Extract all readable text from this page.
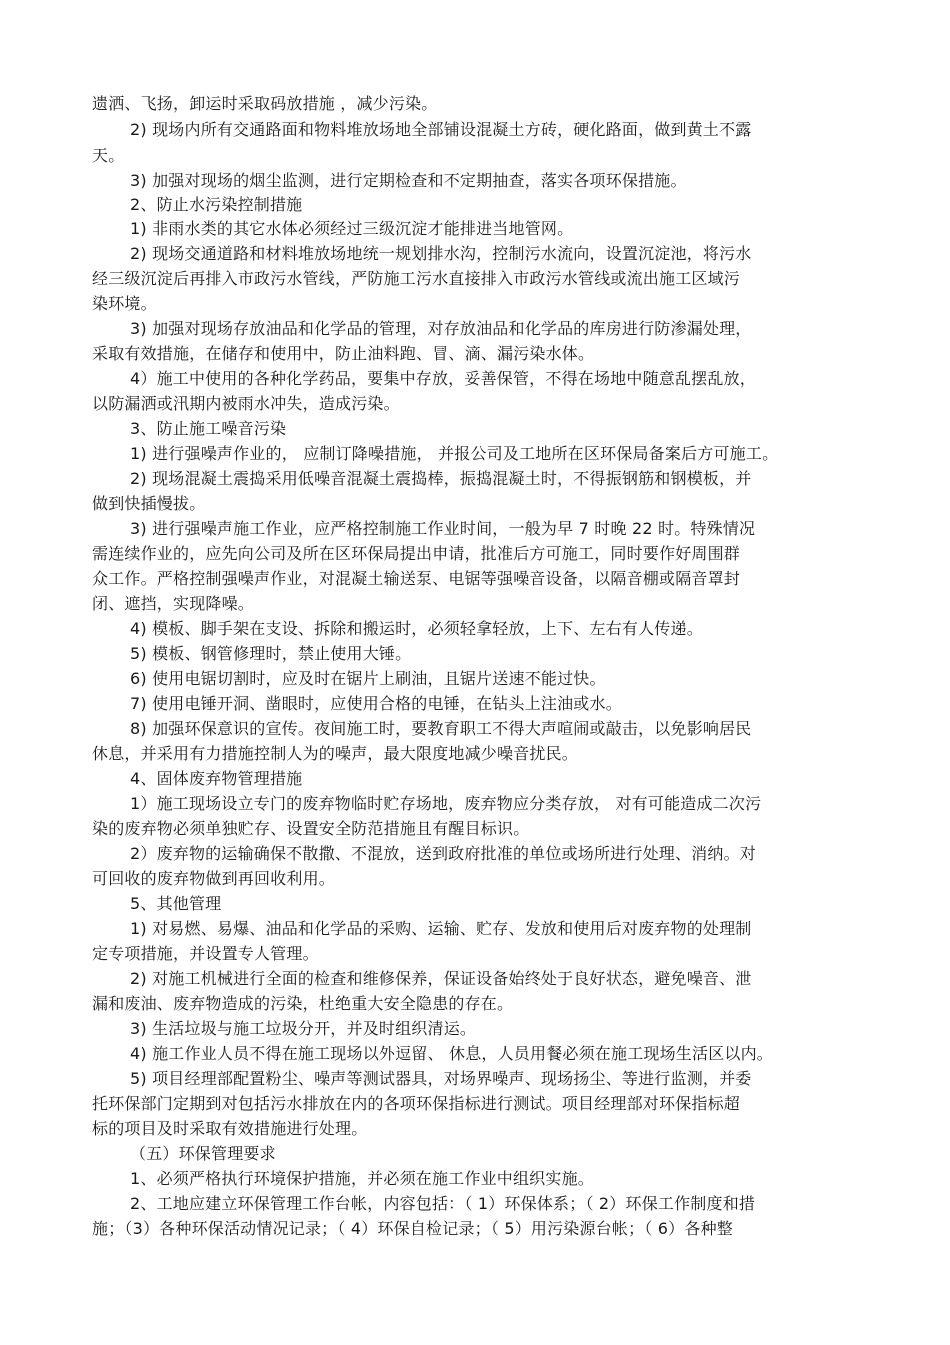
遗洒、飞扬，卸运时采取码放措施 ，减少污染。
2) 现场内所有交通路面和物料堆放场地全部铺设混凝土方砖，硬化路面，做到黄土不露
天。
3) 加强对现场的烟尘监测，进行定期检查和不定期抽查，落实各项环保措施。
2、防止水污染控制措施
1) 非雨水类的其它水体必须经过三级沉淀才能排进当地管网。
2) 现场交通道路和材料堆放场地统一规划排水沟，控制污水流向，设置沉淀池，将污水
经三级沉淀后再排入市政污水管线，严防施工污水直接排入市政污水管线或流出施工区域污
染环境。
3) 加强对现场存放油品和化学品的管理，对存放油品和化学品的库房进行防渗漏处理，
采取有效措施，在储存和使用中，防止油料跑、冒、滴、漏污染水体。
4）施工中使用的各种化学药品，要集中存放，妥善保管，不得在场地中随意乱摆乱放，
以防漏洒或汛期内被雨水冲失，造成污染。
3、防止施工噪音污染
1) 进行强噪声作业的， 应制订降噪措施， 并报公司及工地所在区环保局备案后方可施工。
2) 现场混凝土震捣采用低噪音混凝土震捣棒，振捣混凝土时，不得振钢筋和钢模板，并
做到快插慢拔。
3) 进行强噪声施工作业，应严格控制施工作业时间，一般为早 7 时晚 22 时。特殊情况
需连续作业的，应先向公司及所在区环保局提出申请，批准后方可施工，同时要作好周围群
众工作。严格控制强噪声作业，对混凝土输送泵、电锯等强噪音设备，以隔音棚或隔音罩封
闭、遮挡，实现降噪。
4) 模板、脚手架在支设、拆除和搬运时，必须轻拿轻放，上下、左右有人传递。
5) 模板、钢管修理时，禁止使用大锤。
6) 使用电锯切割时，应及时在锯片上刷油，且锯片送速不能过快。
7) 使用电锤开洞、凿眼时，应使用合格的电锤，在钻头上注油或水。
8) 加强环保意识的宣传。夜间施工时，要教育职工不得大声喧闹或敲击，以免影响居民
休息，并采用有力措施控制人为的噪声，最大限度地减少噪音扰民。
4、固体废弃物管理措施
1）施工现场设立专门的废弃物临时贮存场地，废弃物应分类存放， 对有可能造成二次污
染的废弃物必须单独贮存、设置安全防范措施且有醒目标识。
2）废弃物的运输确保不散撒、不混放，送到政府批准的单位或场所进行处理、消纳。对
可回收的废弃物做到再回收利用。
5、其他管理
1) 对易燃、易爆、油品和化学品的采购、运输、贮存、发放和使用后对废弃物的处理制
定专项措施，并设置专人管理。
2) 对施工机械进行全面的检查和维修保养，保证设备始终处于良好状态，避免噪音、泄
漏和废油、废弃物造成的污染，杜绝重大安全隐患的存在。
3) 生活垃圾与施工垃圾分开，并及时组织清运。
4) 施工作业人员不得在施工现场以外逗留、 休息，人员用餐必须在施工现场生活区以内。
5) 项目经理部配置粉尘、噪声等测试器具，对场界噪声、现场扬尘、等进行监测，并委
托环保部门定期到对包括污水排放在内的各项环保指标进行测试。项目经理部对环保指标超
标的项目及时采取有效措施进行处理。
（五）环保管理要求
1、必须严格执行环境保护措施，并必须在施工作业中组织实施。
2、工地应建立环保管理工作台帐，内容包括：（ 1）环保体系；（ 2）环保工作制度和措
施；（3）各种环保活动情况记录；（ 4）环保自检记录；（ 5）用污染源台帐；（ 6）各种整
